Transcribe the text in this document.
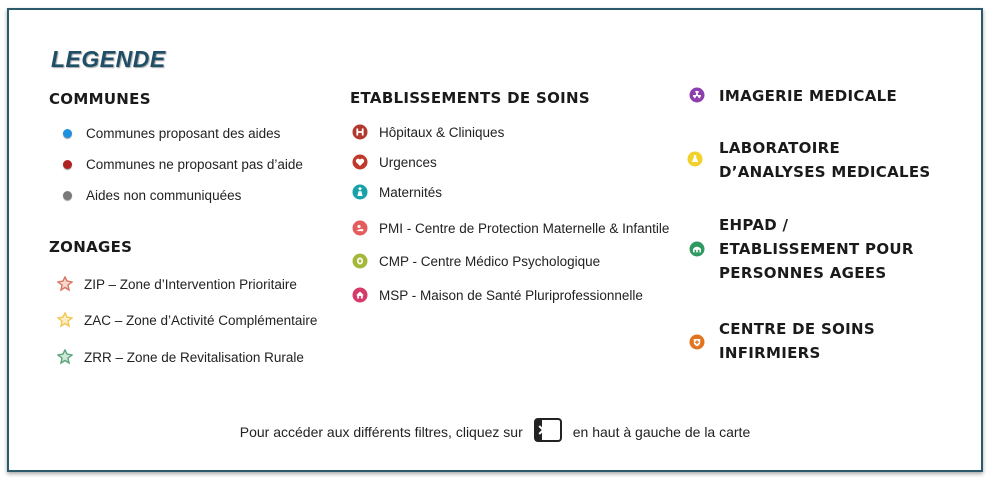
LEGENDE
COMMUNES
Communes proposant des aides
Communes ne proposant pas d’aide
Aides non communiquées
ZONAGES
ZIP – Zone d’Intervention Prioritaire
ZAC – Zone d’Activité Complémentaire
ZRR – Zone de Revitalisation Rurale
ETABLISSEMENTS DE SOINS
Hôpitaux & Cliniques
Urgences
Maternités
PMI - Centre de Protection Maternelle & Infantile
CMP - Centre Médico Psychologique
MSP - Maison de Santé Pluriprofessionnelle
IMAGERIE MEDICALE
LABORATOIRE
D’ANALYSES MEDICALES
EHPAD /
ETABLISSEMENT POUR
PERSONNES AGEES
CENTRE DE SOINS
INFIRMIERS
Pour accéder aux différents filtres, cliquez sur	en haut à gauche de la carte
